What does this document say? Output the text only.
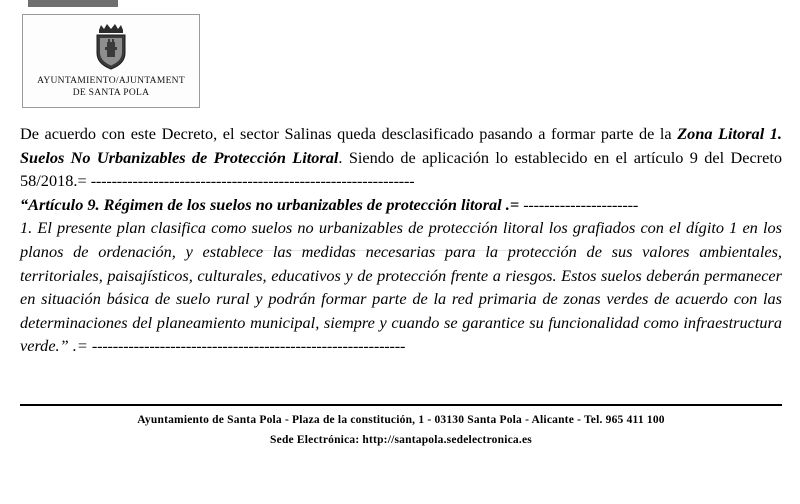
AYUNTAMIENTO/AJUNTAMENT
DE SANTA POLA

De acuerdo con este Decreto, el sector Salinas queda desclasificado pasando a formar parte de la Zona Litoral 1. Suelos No Urbanizables de Protección Litoral. Siendo de aplicación lo establecido en el artículo 9 del Decreto 58/2018.= --------------------------------------------------------------

“Artículo 9. Régimen de los suelos no urbanizables de protección litoral .= ----------------------

1. El presente plan clasifica como suelos no urbanizables de protección litoral los grafiados con el dígito 1 en los planos de ordenación, y establece las medidas necesarias para la protección de sus valores ambientales, territoriales, paisajísticos, culturales, educativos y de protección frente a riesgos. Estos suelos deberán permanecer en situación básica de suelo rural y podrán formar parte de la red primaria de zonas verdes de acuerdo con las determinaciones del planeamiento municipal, siempre y cuando se garantice su funcionalidad como infraestructura verde.” .= ------------------------------------------------------------

Ayuntamiento de Santa Pola - Plaza de la constitución, 1 - 03130 Santa Pola - Alicante - Tel. 965 411 100
Sede Electrónica: http://santapola.sedelectronica.es
